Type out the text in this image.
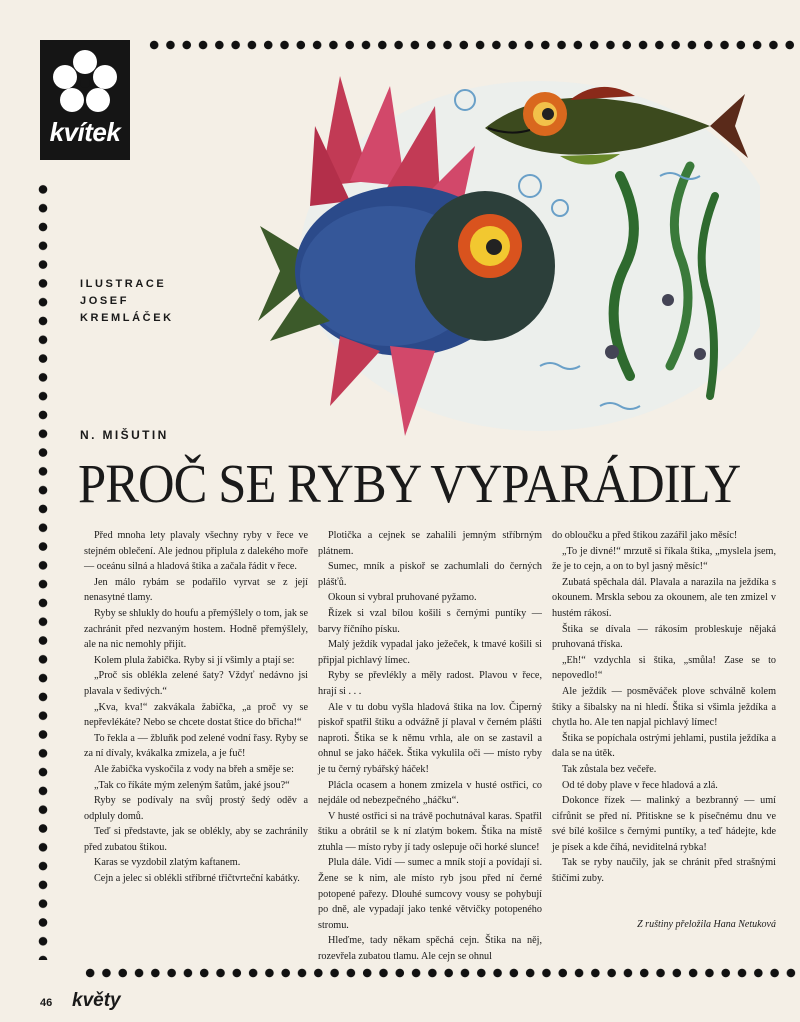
kvítek
ILUSTRACE
JOSEF
KREMLÁČEK
N. MIŠUTIN
PROČ SE RYBY VYPARÁDILY

Před mnoha lety plavaly všechny ryby v řece ve stejném oblečení. Ale jednou připlula z dalekého moře — oceánu silná a hladová štika a začala řádit v řece.

Jen málo rybám se podařilo vyrvat se z její nenasytné tlamy.

Ryby se shlukly do houfu a přemýšlely o tom, jak se zachránit před nezvaným hostem. Hodně přemýšlely, ale na nic nemohly přijít.

Kolem plula žabička. Ryby si jí všimly a ptají se:

„Proč sis oblékla zelené šaty? Vždyť nedávno jsi plavala v šedivých.“

„Kva, kva!“ zakvákala žabička, „a proč vy se nepřevlékáte? Nebo se chcete dostat štice do břicha!“

To řekla a — žbluňk pod zelené vodní řasy. Ryby se za ní dívaly, kvákalka zmizela, a je fuč!

Ale žabička vyskočila z vody na břeh a směje se:

„Tak co říkáte mým zeleným šatům, jaké jsou?“

Ryby se podívaly na svůj prostý šedý oděv a odpluly domů.

Teď si představte, jak se oblékly, aby se zachránily před zubatou štikou.

Karas se vyzdobil zlatým kaftanem.

Cejn a jelec si oblékli stříbrné třičtvrteční kabátky.

Plotička a cejnek se zahalili jemným stříbrným plátnem.

Sumec, mník a piskoř se zachumlali do černých plášťů.

Okoun si vybral pruhované pyžamo.

Řízek si vzal bílou košili s černými puntíky — barvy říčního písku.

Malý ježdík vypadal jako ježeček, k tmavé košili si připjal pichlavý límec.

Ryby se převlékly a měly radost. Plavou v řece, hrají si . . .

Ale v tu dobu vyšla hladová štika na lov. Čiperný piskoř spatřil štiku a odvážně jí plaval v černém plášti naproti. Štika se k němu vrhla, ale on se zastavil a ohnul se jako háček. Štika vykulila oči — místo ryby je tu černý rybářský háček!

Plácla ocasem a honem zmizela v husté ostřici, co nejdále od nebezpečného „háčku“.

V husté ostřici si na trávě pochutnával karas. Spatřil štiku a obrátil se k ní zlatým bokem. Štika na místě ztuhla — místo ryby jí tady oslepuje oči horké slunce!

Plula dále. Vidí — sumec a mník stojí a povídají si. Žene se k nim, ale místo ryb jsou před ní černé potopené pařezy. Dlouhé sumcovy vousy se pohybují po dně, ale vypadají jako tenké větvičky potopeného stromu.

Hleďme, tady někam spěchá cejn. Štika na něj, rozevřela zubatou tlamu. Ale cejn se ohnul

do obloučku a před štikou zazářil jako měsíc!

„To je divné!“ mrzutě si říkala štika, „myslela jsem, že je to cejn, a on to byl jasný měsíc!“

Zubatá spěchala dál. Plavala a narazila na ježdíka s okounem. Mrskla sebou za okounem, ale ten zmizel v hustém rákosí.

Štika se dívala — rákosím probleskuje nějaká pruhovaná tříska.

„Eh!“ vzdychla si štika, „smůla! Zase se to nepovedlo!“

Ale ježdík — posměváček plove schválně kolem štiky a šibalsky na ni hledí. Štika si všimla ježdíka a chytla ho. Ale ten napjal pichlavý límec!

Štika se popíchala ostrými jehlami, pustila ježdíka a dala se na útěk.

Tak zůstala bez večeře.

Od té doby plave v řece hladová a zlá.

Dokonce řízek — malinký a bezbranný — umí cifrůnit se před ní. Přitiskne se k písečnému dnu ve své bílé košilce s černými puntíky, a teď hádejte, kde je písek a kde číhá, neviditelná rybka!

Tak se ryby naučily, jak se chránit před strašnými štičími zuby.

Z ruštiny přeložila Hana Netuková
46 květy
